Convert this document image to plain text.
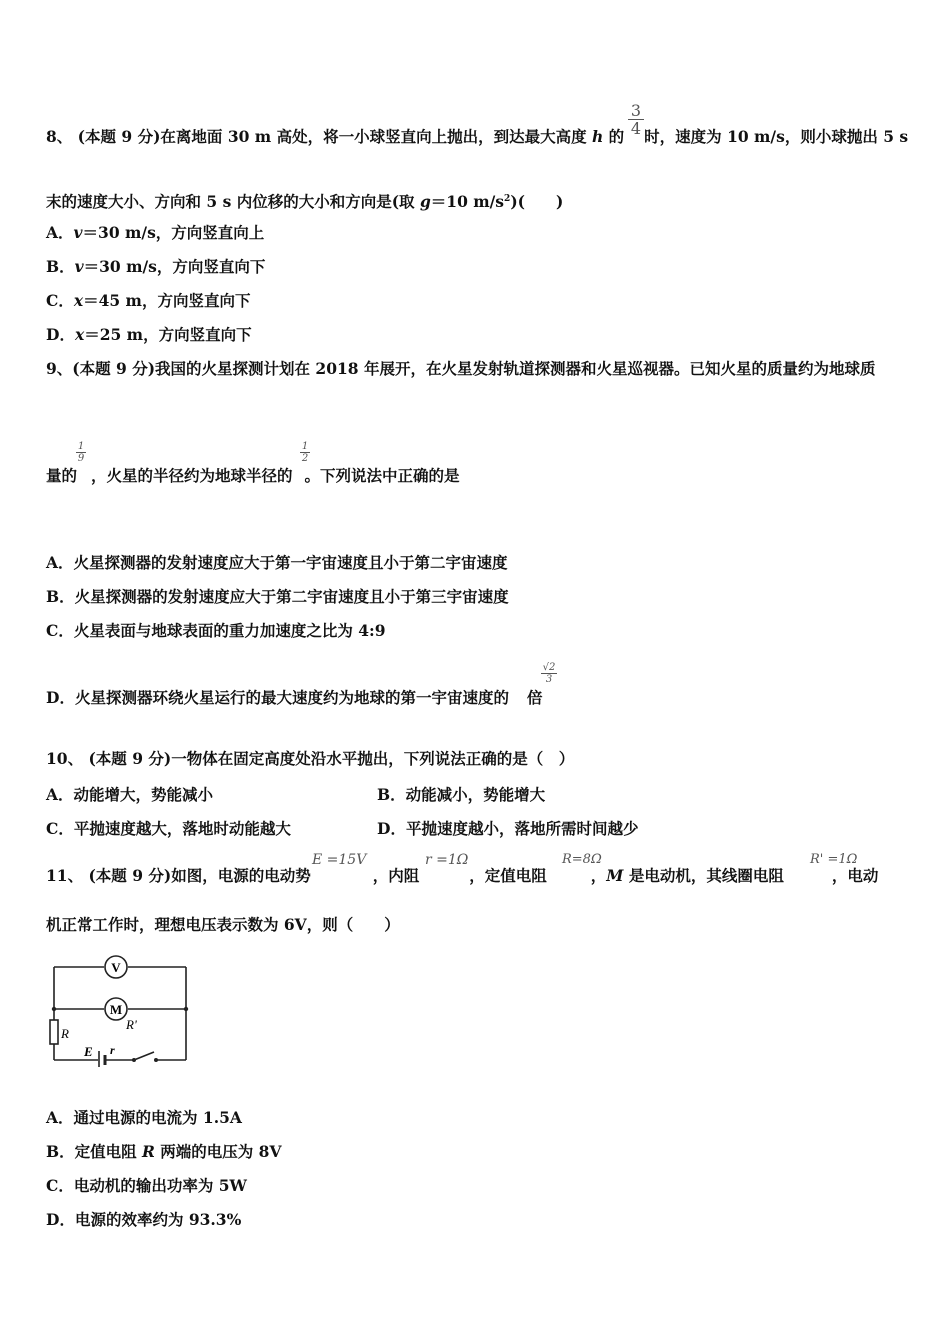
3
4
8、 (本题 9 分)在离地面 30 m 高处，将一小球竖直向上抛出，到达最大高度 h 的 时，速度为 10 m/s，则小球抛出 5 s
末的速度大小、方向和 5 s 内位移的大小和方向是(取 g＝10 $m/s^2$)(　　)
A．v＝30 m/s，方向竖直向上
B．v＝30 m/s，方向竖直向下
C．x＝45 m，方向竖直向下
D．x＝25 m，方向竖直向下
9、(本题 9 分)我国的火星探测计划在 2018 年展开，在火星发射轨道探测器和火星巡视器。已知火星的质量约为地球质
1
9
1
2
量的 ，火星的半径约为地球半径的 。下列说法中正确的是
A．火星探测器的发射速度应大于第一宇宙速度且小于第二宇宙速度
B．火星探测器的发射速度应大于第二宇宙速度且小于第三宇宙速度
C．火星表面与地球表面的重力加速度之比为 4:9
√2
3
D．火星探测器环绕火星运行的最大速度约为地球的第一宇宙速度的 倍
10、 (本题 9 分)一物体在固定高度处沿水平抛出，下列说法正确的是（　）
A．动能增大，势能减小	B．动能减小，势能增大
C．平抛速度越大，落地时动能越大	D．平抛速度越小，落地所需时间越少
E =15V	r =1Ω	R=8Ω	R' =1Ω
11、 (本题 9 分)如图，电源的电动势	，内阻	，定值电阻	，M 是电动机，其线圈电阻	，电动
机正常工作时，理想电压表示数为 6V，则（　　）
V
M
R'
R
E r
A．通过电源的电流为 1.5A
B．定值电阻 R 两端的电压为 8V
C．电动机的输出功率为 5W
D．电源的效率约为 93.3%
